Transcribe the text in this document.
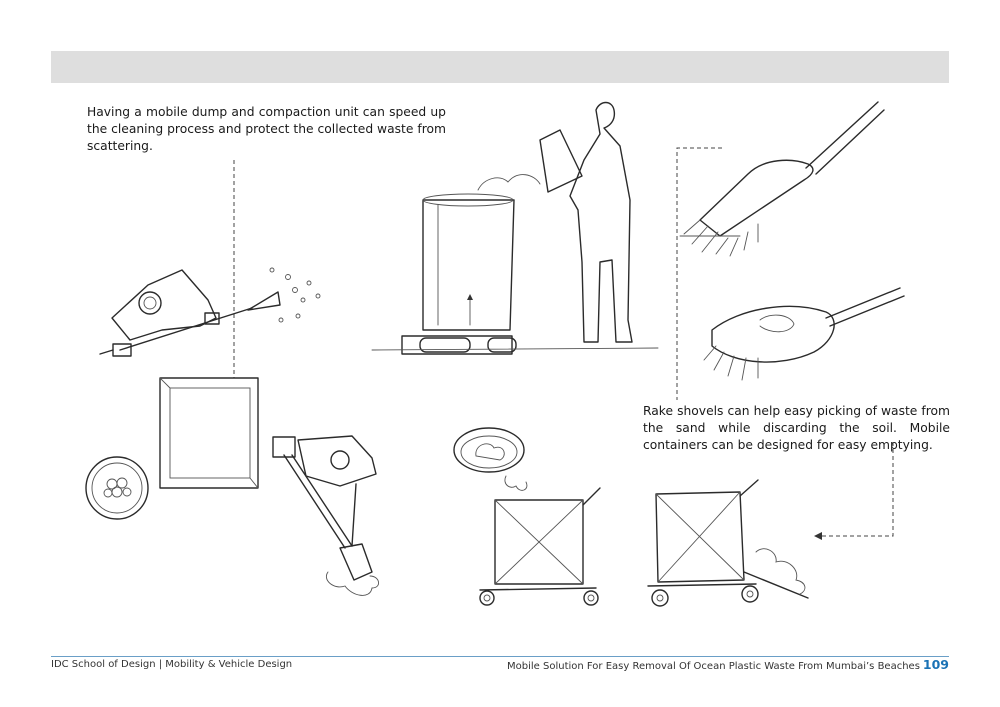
Having a mobile dump and compaction unit can speed up the cleaning process and protect the collected waste from scattering.

Rake shovels can help easy picking of waste from the sand while discarding the soil. Mobile containers can be designed for easy emptying.

IDC School of Design | Mobility & Vehicle Design	Mobile Solution For Easy Removal Of Ocean Plastic Waste From Mumbai’s Beaches 109
